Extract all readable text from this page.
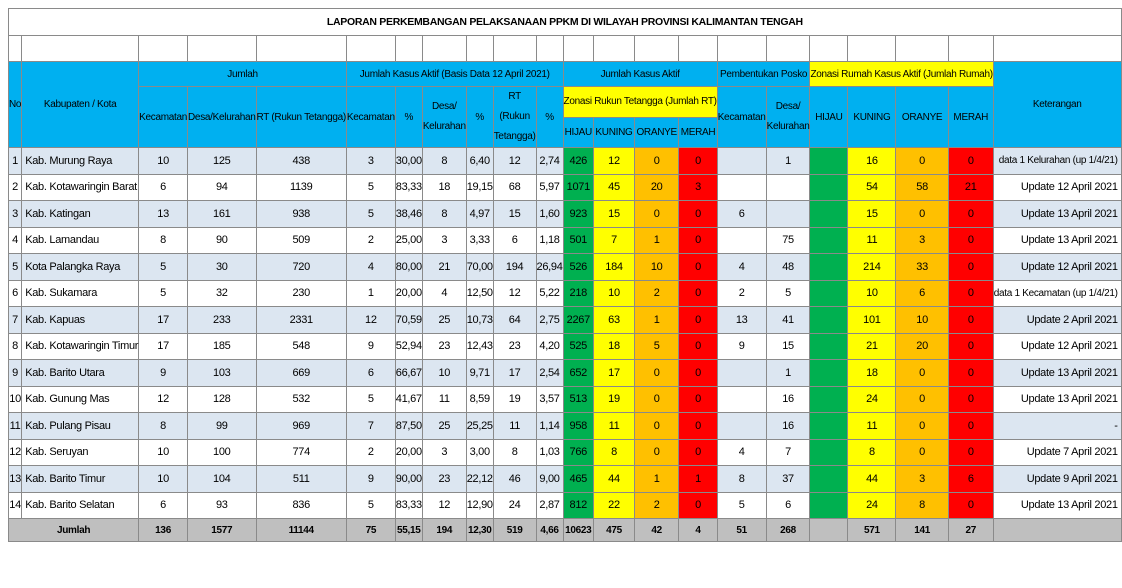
LAPORAN PERKEMBANGAN PELAKSANAAN PPKM DI WILAYAH PROVINSI KALIMANTAN TENGAH																					

No	Kabupaten / Kota	Jumlah			Jumlah Kasus Aktif (Basis Data 12 April 2021)						Jumlah Kasus Aktif				Pembentukan Posko		Zonasi Rumah Kasus Aktif (Jumlah Rumah)				Keterangan
		Kecamatan	Desa/Kelurahan	RT (Rukun Tetangga)	Kecamatan	%	Desa/ Kelurahan	%	RT (Rukun Tetangga)	%	Zonasi Rukun Tetangga (Jumlah RT)				Kecamatan	Desa/ Kelurahan	HIJAU	KUNING	ORANYE	MERAH	
											HIJAU	KUNING	ORANYE	MERAH							
1	Kab. Murung Raya	10	125	438	3	30,00	8	6,40	12	2,74	426	12	0	0		1		16	0	0	data 1 Kelurahan (up 1/4/21)
2	Kab. Kotawaringin Barat	6	94	1139	5	83,33	18	19,15	68	5,97	1071	45	20	3				54	58	21	Update 12 April 2021
3	Kab. Katingan	13	161	938	5	38,46	8	4,97	15	1,60	923	15	0	0	6			15	0	0	Update 13 April 2021
4	Kab. Lamandau	8	90	509	2	25,00	3	3,33	6	1,18	501	7	1	0		75		11	3	0	Update 13 April 2021
5	Kota Palangka Raya	5	30	720	4	80,00	21	70,00	194	26,94	526	184	10	0	4	48		214	33	0	Update 12 April 2021
6	Kab. Sukamara	5	32	230	1	20,00	4	12,50	12	5,22	218	10	2	0	2	5		10	6	0	data 1 Kecamatan (up 1/4/21)
7	Kab. Kapuas	17	233	2331	12	70,59	25	10,73	64	2,75	2267	63	1	0	13	41		101	10	0	Update 2 April 2021
8	Kab. Kotawaringin Timur	17	185	548	9	52,94	23	12,43	23	4,20	525	18	5	0	9	15		21	20	0	Update 12 April 2021
9	Kab. Barito Utara	9	103	669	6	66,67	10	9,71	17	2,54	652	17	0	0		1		18	0	0	Update 13 April 2021
10	Kab. Gunung Mas	12	128	532	5	41,67	11	8,59	19	3,57	513	19	0	0		16		24	0	0	Update 13 April 2021
11	Kab. Pulang Pisau	8	99	969	7	87,50	25	25,25	11	1,14	958	11	0	0		16		11	0	0	-
12	Kab. Seruyan	10	100	774	2	20,00	3	3,00	8	1,03	766	8	0	0	4	7		8	0	0	Update 7 April 2021
13	Kab. Barito Timur	10	104	511	9	90,00	23	22,12	46	9,00	465	44	1	1	8	37		44	3	6	Update 9 April 2021
14	Kab. Barito Selatan	6	93	836	5	83,33	12	12,90	24	2,87	812	22	2	0	5	6		24	8	0	Update 13 April 2021
Jumlah		136	1577	11144	75	55,15	194	12,30	519	4,66	10623	475	42	4	51	268		571	141	27	
